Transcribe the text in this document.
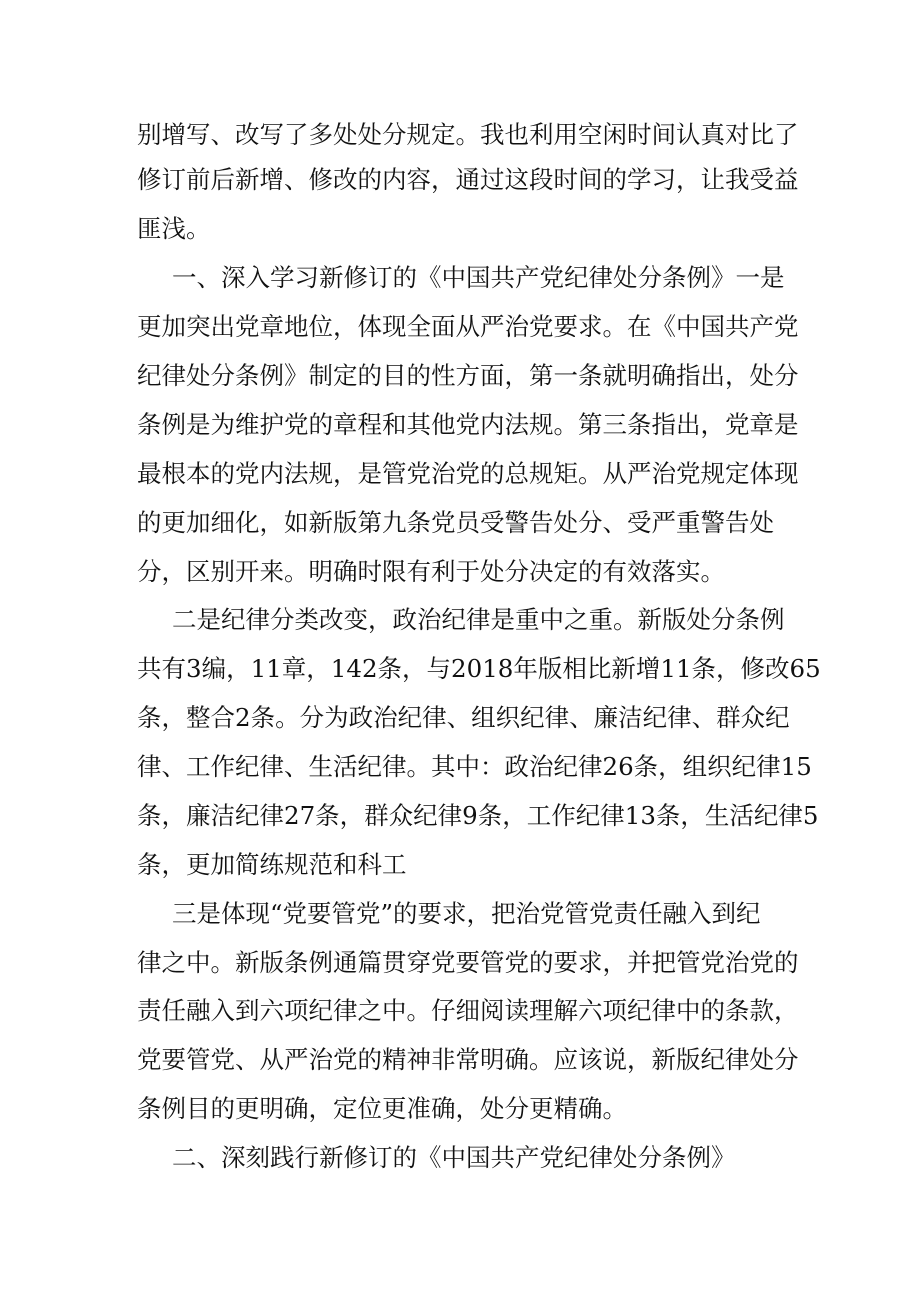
别增写、改写了多处处分规定。我也利用空闲时间认真对比了

修订前后新增、修改的内容，通过这段时间的学习，让我受益

匪浅。

一、深入学习新修订的《中国共产党纪律处分条例》一是

更加突出党章地位，体现全面从严治党要求。在《中国共产党

纪律处分条例》制定的目的性方面，第一条就明确指出，处分

条例是为维护党的章程和其他党内法规。第三条指出，党章是

最根本的党内法规，是管党治党的总规矩。从严治党规定体现

的更加细化，如新版第九条党员受警告处分、受严重警告处

分，区别开来。明确时限有利于处分决定的有效落实。

二是纪律分类改变，政治纪律是重中之重。新版处分条例

共有3编，11章，142条，与2018年版相比新增11条，修改65

条，整合2条。分为政治纪律、组织纪律、廉洁纪律、群众纪

律、工作纪律、生活纪律。其中：政治纪律26条，组织纪律15

条，廉洁纪律27条，群众纪律9条，工作纪律13条，生活纪律5

条，更加简练规范和科工

三是体现“党要管党”的要求，把治党管党责任融入到纪

律之中。新版条例通篇贯穿党要管党的要求，并把管党治党的

责任融入到六项纪律之中。仔细阅读理解六项纪律中的条款，

党要管党、从严治党的精神非常明确。应该说，新版纪律处分

条例目的更明确，定位更准确，处分更精确。

二、深刻践行新修订的《中国共产党纪律处分条例》
